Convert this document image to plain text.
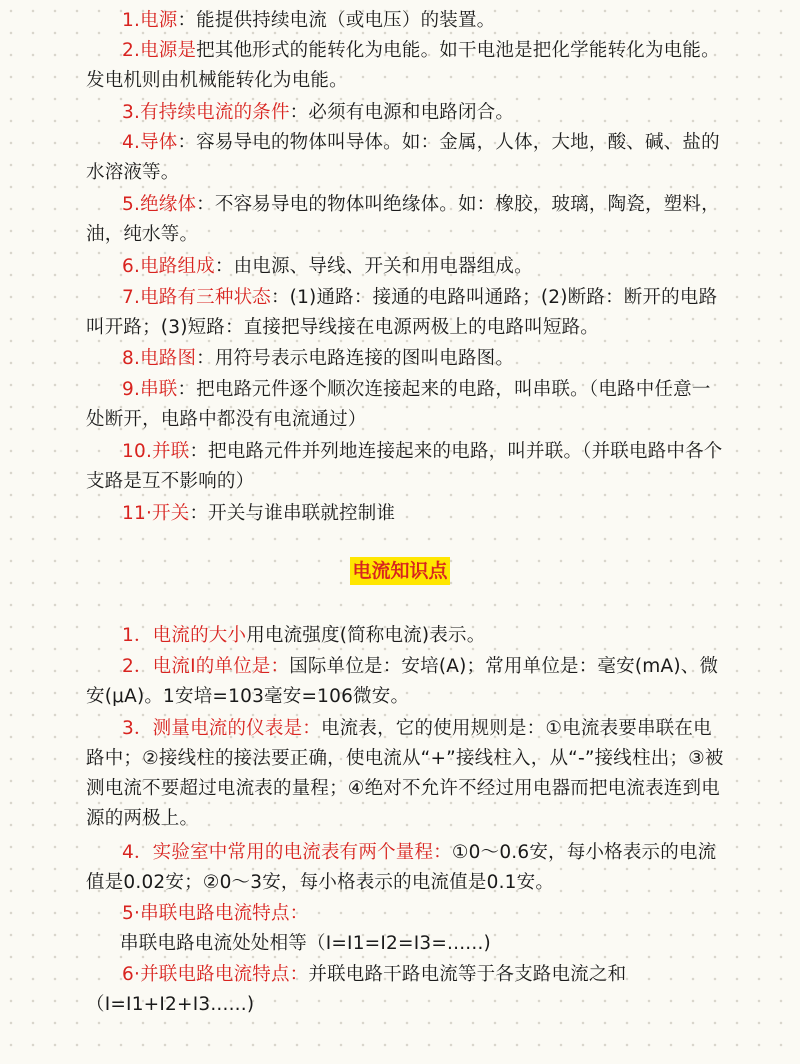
1.电源：能提供持续电流（或电压）的装置。

2.电源是把其他形式的能转化为电能。如干电池是把化学能转化为电能。发电机则由机械能转化为电能。

3.有持续电流的条件：必须有电源和电路闭合。

4.导体：容易导电的物体叫导体。如：金属，人体，大地，酸、碱、盐的水溶液等。

5.绝缘体：不容易导电的物体叫绝缘体。如：橡胶，玻璃，陶瓷，塑料，油，纯水等。

6.电路组成：由电源、导线、开关和用电器组成。

7.电路有三种状态：(1)通路：接通的电路叫通路；(2)断路：断开的电路叫开路；(3)短路：直接把导线接在电源两极上的电路叫短路。

8.电路图：用符号表示电路连接的图叫电路图。

9.串联：把电路元件逐个顺次连接起来的电路，叫串联。（电路中任意一处断开，电路中都没有电流通过）

10.并联：把电路元件并列地连接起来的电路，叫并联。（并联电路中各个支路是互不影响的）

11·开关：开关与谁串联就控制谁

电流知识点

1．电流的大小用电流强度(简称电流)表示。

2．电流I的单位是：国际单位是：安培(A)；常用单位是：毫安(mA)、微安(μA)。1安培=103毫安=106微安。

3．测量电流的仪表是：电流表，它的使用规则是：①电流表要串联在电路中；②接线柱的接法要正确，使电流从“+”接线柱入，从“-”接线柱出；③被测电流不要超过电流表的量程；④绝对不允许不经过用电器而把电流表连到电源的两极上。

4．实验室中常用的电流表有两个量程：①0～0.6安，每小格表示的电流值是0.02安；②0～3安，每小格表示的电流值是0.1安。

5·串联电路电流特点：

串联电路电流处处相等（I=I1=I2=I3=......)

6·并联电路电流特点：并联电路干路电流等于各支路电流之和（I=I1+I2+I3......)
